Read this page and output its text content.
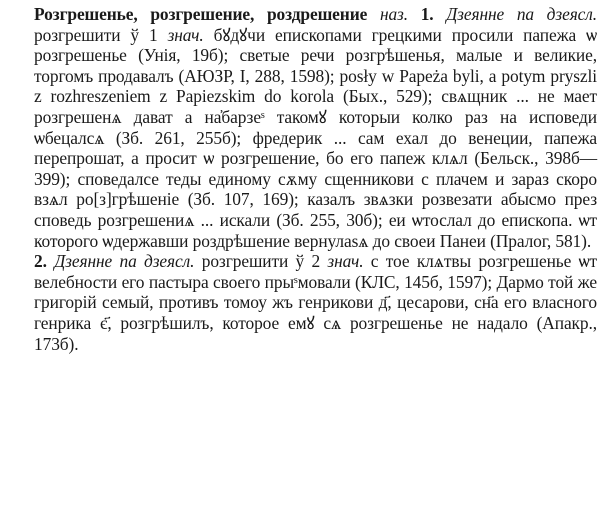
Розгрешенье, розгрешение, роздрешение наз. 1. Дзеянне па дзеясл. розгрешити ў 1 знач. бꙋдꙋчи епископами грецкими просили папежа ѡ розгрешенье (Унія, 19б); светые речи розгрѣшенья, малые и великие, торгомъ продавалъ (АЮЗР, І, 288, 1598); posły w Papeża byli, a potym pryszli z rozhreszeniem z Papiezskim do korola (Бых., 529); свѧщник ... не мает розгрешенѧ дават а на҆барзеˢ такомꙋ которыи колко раз на исповеди ѡбецалсѧ (Зб. 261, 255б); фредерик ... сам ехал до венеции, папежа перепрошат, а просит ѡ розгрешение, бо его папеж клѧл (Бельск., 398б—399); споведалсе теды единому сѫму сщенникови с плачем и зараз скоро взѧл ро[з]грѣшеніе (Зб. 107, 169); казалъ звѧзки розвезати абысмо през споведь розгрешениѧ ... искали (Зб. 255, 30б); еи ѡтослал до епископа. ѡт которого ѡдержавши роздрѣшение вернулаѕѧ до своеи Панеи (Пралог, 581).

2. Дзеянне па дзеясл. розгрешити ў 2 знач. с тое клѧтвы розгрешенье ѡт велебности его пастыра своего прыˢмовали (КЛС, 145б, 1597); Дармо той же григорій семый, противъ томоу жъ генрикови д҃, цесарови, сн҃а его власного генрика є҃, розгрѣшилъ, которое емꙋ сѧ розгрешенье не надало (Апакр., 173б).
